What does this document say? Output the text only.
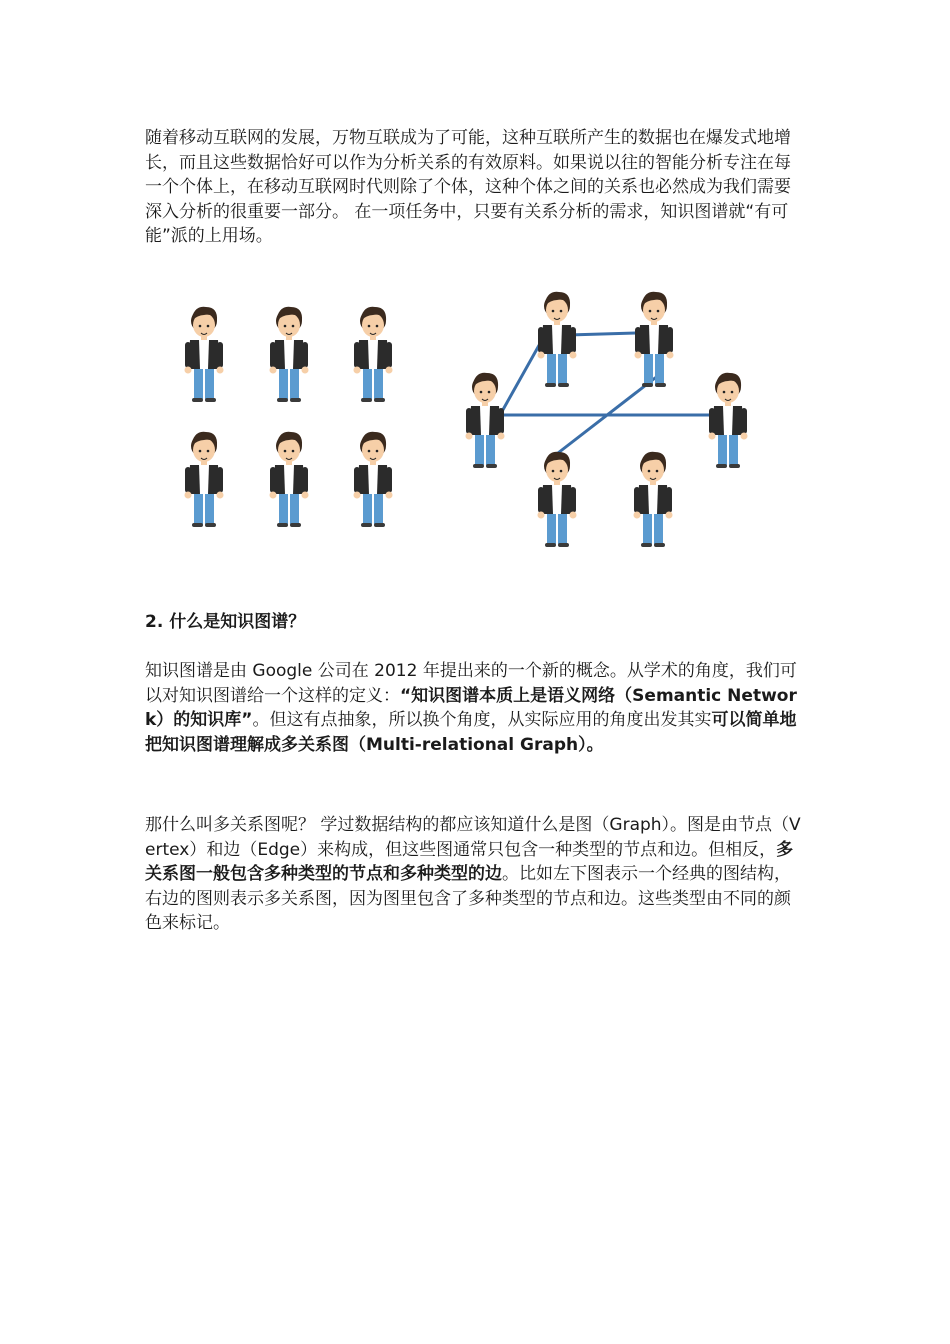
随着移动互联网的发展，万物互联成为了可能，这种互联所产生的数据也在爆发式地增长，而且这些数据恰好可以作为分析关系的有效原料。如果说以往的智能分析专注在每一个个体上，在移动互联网时代则除了个体，这种个体之间的关系也必然成为我们需要深入分析的很重要一部分。 在一项任务中，只要有关系分析的需求，知识图谱就“有可能”派的上用场。

2. 什么是知识图谱？

知识图谱是由 Google 公司在 2012 年提出来的一个新的概念。从学术的角度，我们可以对知识图谱给一个这样的定义：“知识图谱本质上是语义网络（Semantic Network）的知识库”。但这有点抽象，所以换个角度，从实际应用的角度出发其实可以简单地把知识图谱理解成多关系图（Multi-relational Graph）。

那什么叫多关系图呢？ 学过数据结构的都应该知道什么是图（Graph）。图是由节点（Vertex）和边（Edge）来构成，但这些图通常只包含一种类型的节点和边。但相反，多关系图一般包含多种类型的节点和多种类型的边。比如左下图表示一个经典的图结构，右边的图则表示多关系图，因为图里包含了多种类型的节点和边。这些类型由不同的颜色来标记。
